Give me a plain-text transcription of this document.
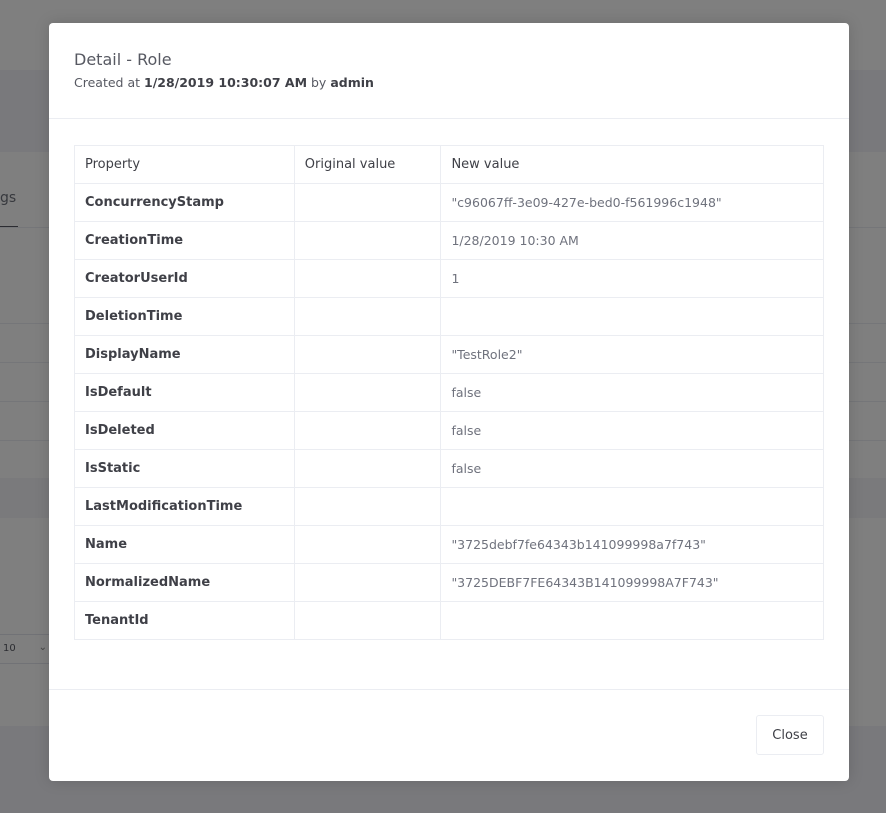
Detail - Role
Created at 1/28/2019 10:30:07 AM by admin
Property	Original value	New value
ConcurrencyStamp		"c96067ff-3e09-427e-bed0-f561996c1948"
CreationTime		1/28/2019 10:30 AM
CreatorUserId		1
DeletionTime		
DisplayName		"TestRole2"
IsDefault		false
IsDeleted		false
IsStatic		false
LastModificationTime		
Name		"3725debf7fe64343b141099998a7f743"
NormalizedName		"3725DEBF7FE64343B141099998A7F743"
TenantId		
Close
